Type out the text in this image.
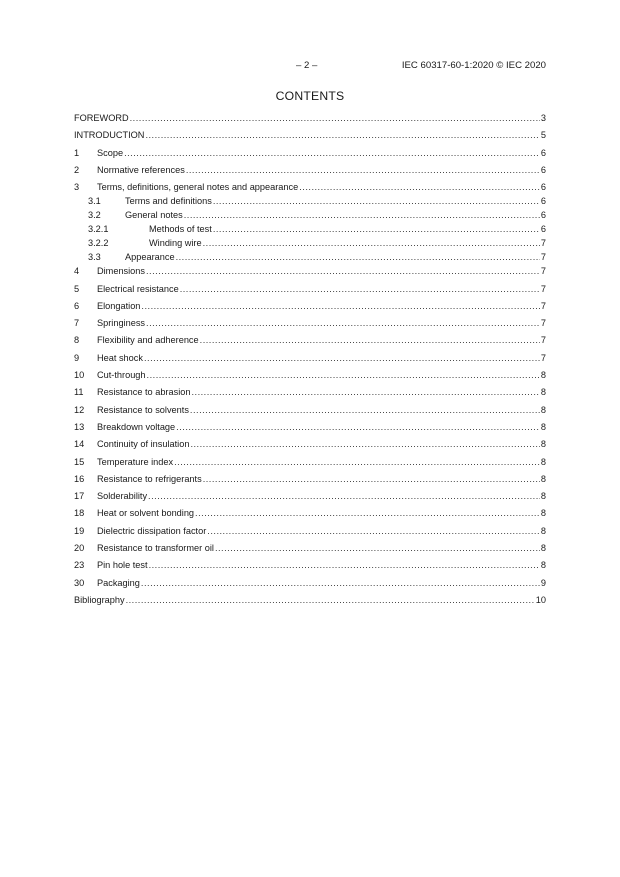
– 2 –	IEC 60317-60-1:2020 © IEC 2020
CONTENTS
FOREWORD .....	3
INTRODUCTION .....	5
1	Scope .....	6
2	Normative references .....	6
3	Terms, definitions, general notes and appearance .....	6
3.1	Terms and definitions .....	6
3.2	General notes .....	6
3.2.1	Methods of test .....	6
3.2.2	Winding wire .....	7
3.3	Appearance .....	7
4	Dimensions .....	7
5	Electrical resistance .....	7
6	Elongation .....	7
7	Springiness .....	7
8	Flexibility and adherence .....	7
9	Heat shock .....	7
10	Cut-through .....	8
11	Resistance to abrasion .....	8
12	Resistance to solvents .....	8
13	Breakdown voltage .....	8
14	Continuity of insulation .....	8
15	Temperature index .....	8
16	Resistance to refrigerants .....	8
17	Solderability .....	8
18	Heat or solvent bonding .....	8
19	Dielectric dissipation factor .....	8
20	Resistance to transformer oil .....	8
23	Pin hole test .....	8
30	Packaging .....	9
Bibliography .....	10
